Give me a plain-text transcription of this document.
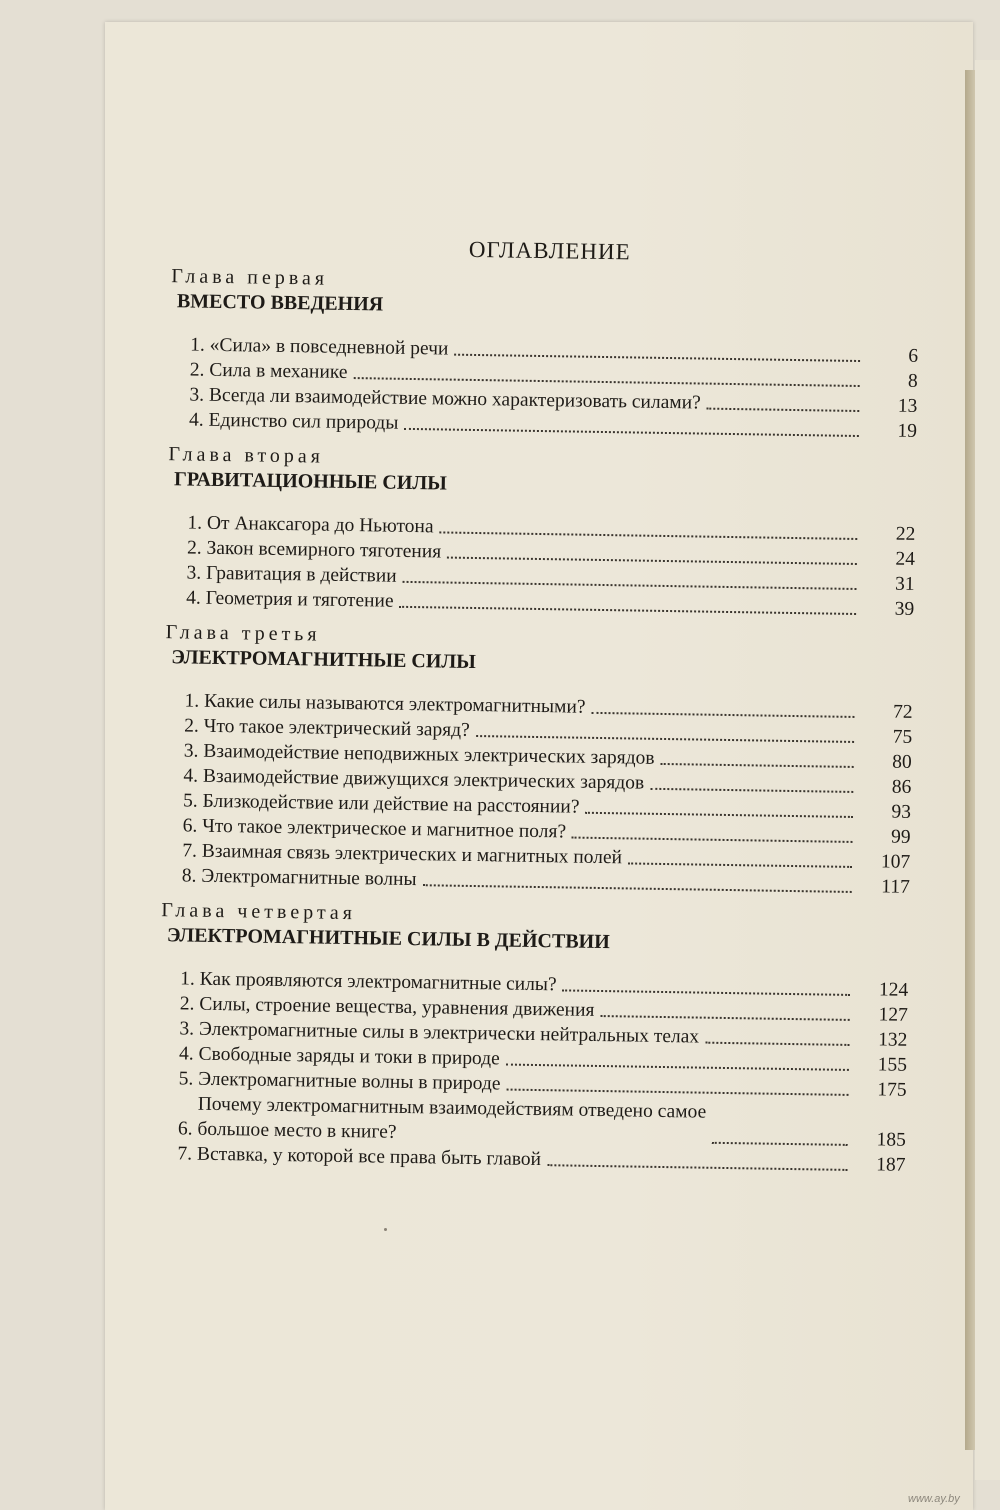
ОГЛАВЛЕНИЕ
Глава первая
ВМЕСТО ВВЕДЕНИЯ
1.
«Сила» в повседневной речи	6
2.
Сила в механике	8
3.
Всегда ли взаимодействие можно характеризовать силами?	13
4.
Единство сил природы	19
Глава вторая
ГРАВИТАЦИОННЫЕ СИЛЫ
1.
От Анаксагора до Ньютона	22
2.
Закон всемирного тяготения	24
3.
Гравитация в действии	31
4.
Геометрия и тяготение	39
Глава третья
ЭЛЕКТРОМАГНИТНЫЕ СИЛЫ
1.
Какие силы называются электромагнитными?	72
2.
Что такое электрический заряд?	75
3.
Взаимодействие неподвижных электрических зарядов	80
4.
Взаимодействие движущихся электрических зарядов	86
5.
Близкодействие или действие на расстоянии?	93
6.
Что такое электрическое и магнитное поля?	99
7.
Взаимная связь электрических и магнитных полей	107
8.
Электромагнитные волны	117
Глава четвертая
ЭЛЕКТРОМАГНИТНЫЕ СИЛЫ В ДЕЙСТВИИ
1.
Как проявляются электромагнитные силы?	124
2.
Силы, строение вещества, уравнения движения	127
3.
Электромагнитные силы в электрически нейтральных телах	132
4.
Свободные заряды и токи в природе	155
5.
Электромагнитные волны в природе	175
6.

Почему электромагнитным взаимодействиям отведено самое
большое место в книге?	185
7.
Вставка, у которой все права быть главой	187
www.ay.by
